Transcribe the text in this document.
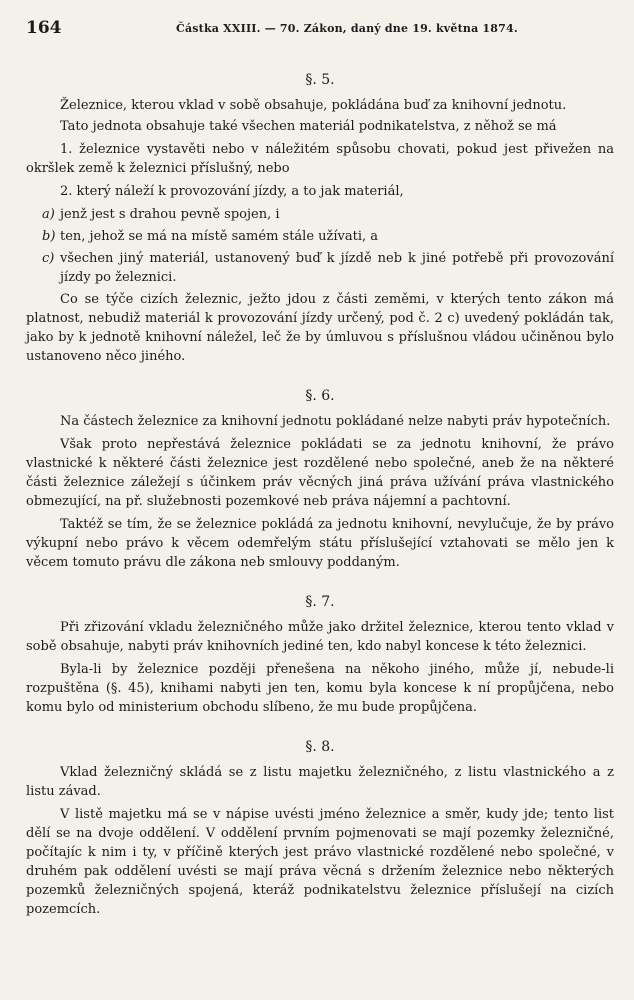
164	Částka XXIII. — 70. Zákon, daný dne 19. května 1874.
§. 5.

Železnice, kterou vklad v sobě obsahuje, pokládána buď za knihovní jednotu.

Tato jednota obsahuje také všechen materiál podnikatelstva, z něhož se má

1. železnice vystavěti nebo v náležitém spůsobu chovati, pokud jest přivežen na okršlek země k železnici příslušný, nebo

2. který náleží k provozování jízdy, a to jak materiál,

a) jenž jest s drahou pevně spojen, i

b) ten, jehož se má na místě samém stále užívati, a

c) všechen jiný materiál, ustanovený buď k jízdě neb k jiné potřebě při provozování jízdy po železnici.

Co se týče cizích železnic, ježto jdou z části zeměmi, v kterých tento zákon má platnost, nebudiž materiál k provozování jízdy určený, pod č. 2 c) uvedený pokládán tak, jako by k jednotě knihovní náležel, leč že by úmluvou s příslušnou vládou učiněnou bylo ustanoveno něco jiného.

§. 6.

Na částech železnice za knihovní jednotu pokládané nelze nabyti práv hypotečních.

Však proto nepřestává železnice pokládati se za jednotu knihovní, že právo vlastnické k některé části železnice jest rozdělené nebo společné, aneb že na některé části železnice záležejí s účinkem práv věcných jiná práva užívání práva vlastnického obmezující, na př. služebnosti pozemkové neb práva nájemní a pachtovní.

Taktéž se tím, že se železnice pokládá za jednotu knihovní, nevylučuje, že by právo výkupní nebo právo k věcem odemřelým státu příslušející vztahovati se mělo jen k věcem tomuto právu dle zákona neb smlouvy poddaným.

§. 7.

Při zřizování vkladu železničného může jako držitel železnice, kterou tento vklad v sobě obsahuje, nabyti práv knihovních jediné ten, kdo nabyl koncese k této železnici.

Byla-li by železnice později přenešena na někoho jiného, může jí, nebude-li rozpuštěna (§. 45), knihami nabyti jen ten, komu byla koncese k ní propůjčena, nebo komu bylo od ministerium obchodu slíbeno, že mu bude propůjčena.

§. 8.

Vklad železničný skládá se z listu majetku železničného, z listu vlastnického a z listu závad.

V listě majetku má se v nápise uvésti jméno železnice a směr, kudy jde; tento list dělí se na dvoje oddělení. V oddělení prvním pojmenovati se mají pozemky železničné, počítajíc k nim i ty, v příčině kterých jest právo vlastnické rozdělené nebo společné, v druhém pak oddělení uvésti se mají práva věcná s držením železnice nebo některých pozemků železničných spojená, kteráž podnikatelstvu železnice příslušejí na cizích pozemcích.
